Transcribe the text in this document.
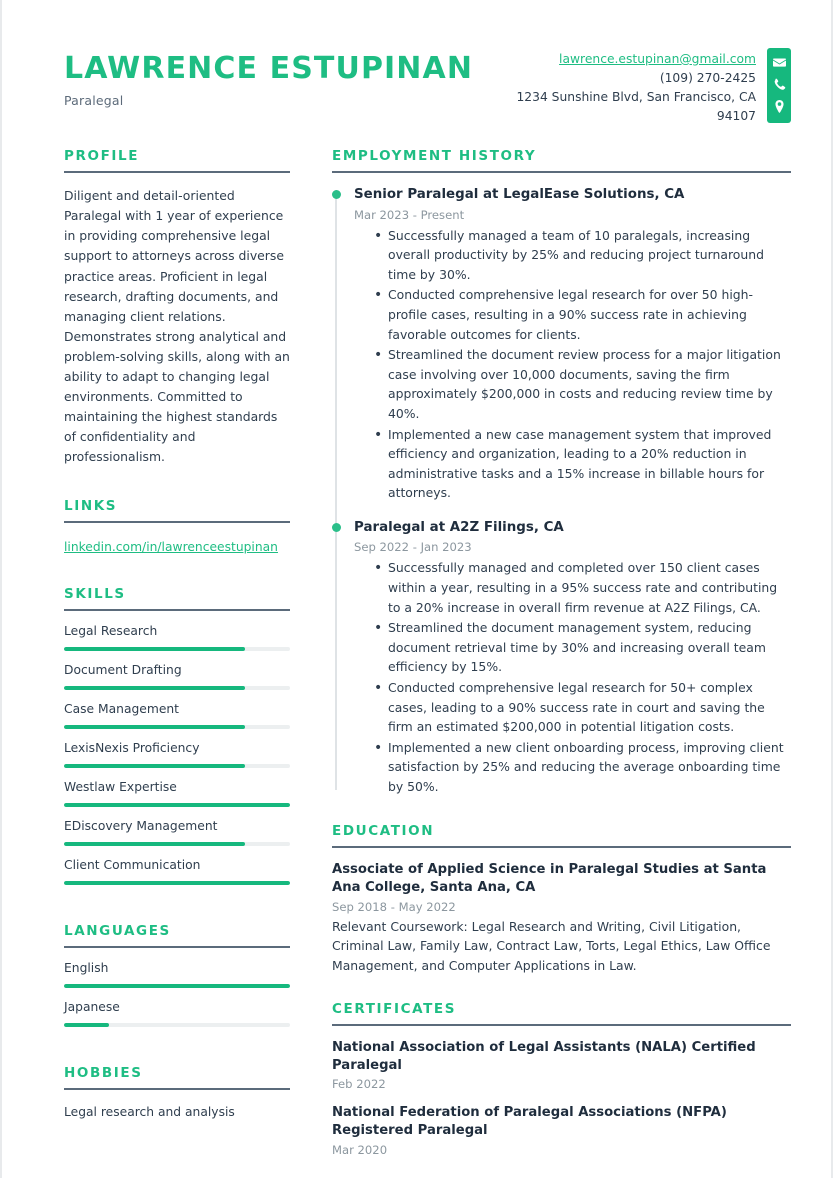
LAWRENCE ESTUPINAN
Paralegal
lawrence.estupinan@gmail.com
(109) 270-2425
1234 Sunshine Blvd, San Francisco, CA 94107
PROFILE
Diligent and detail-oriented Paralegal with 1 year of experience in providing comprehensive legal support to attorneys across diverse practice areas. Proficient in legal research, drafting documents, and managing client relations. Demonstrates strong analytical and problem-solving skills, along with an ability to adapt to changing legal environments. Committed to maintaining the highest standards of confidentiality and professionalism.
LINKS
linkedin.com/in/lawrenceestupinan
SKILLS
Legal Research
Document Drafting
Case Management
LexisNexis Proficiency
Westlaw Expertise
EDiscovery Management
Client Communication
LANGUAGES
English
Japanese
HOBBIES
Legal research and analysis
EMPLOYMENT HISTORY
Senior Paralegal at LegalEase Solutions, CA
Mar 2023 - Present
• Successfully managed a team of 10 paralegals, increasing overall productivity by 25% and reducing project turnaround time by 30%.
• Conducted comprehensive legal research for over 50 high-profile cases, resulting in a 90% success rate in achieving favorable outcomes for clients.
• Streamlined the document review process for a major litigation case involving over 10,000 documents, saving the firm approximately $200,000 in costs and reducing review time by 40%.
• Implemented a new case management system that improved efficiency and organization, leading to a 20% reduction in administrative tasks and a 15% increase in billable hours for attorneys.
Paralegal at A2Z Filings, CA
Sep 2022 - Jan 2023
• Successfully managed and completed over 150 client cases within a year, resulting in a 95% success rate and contributing to a 20% increase in overall firm revenue at A2Z Filings, CA.
• Streamlined the document management system, reducing document retrieval time by 30% and increasing overall team efficiency by 15%.
• Conducted comprehensive legal research for 50+ complex cases, leading to a 90% success rate in court and saving the firm an estimated $200,000 in potential litigation costs.
• Implemented a new client onboarding process, improving client satisfaction by 25% and reducing the average onboarding time by 50%.
EDUCATION
Associate of Applied Science in Paralegal Studies at Santa Ana College, Santa Ana, CA
Sep 2018 - May 2022
Relevant Coursework: Legal Research and Writing, Civil Litigation, Criminal Law, Family Law, Contract Law, Torts, Legal Ethics, Law Office Management, and Computer Applications in Law.
CERTIFICATES
National Association of Legal Assistants (NALA) Certified Paralegal
Feb 2022
National Federation of Paralegal Associations (NFPA) Registered Paralegal
Mar 2020
